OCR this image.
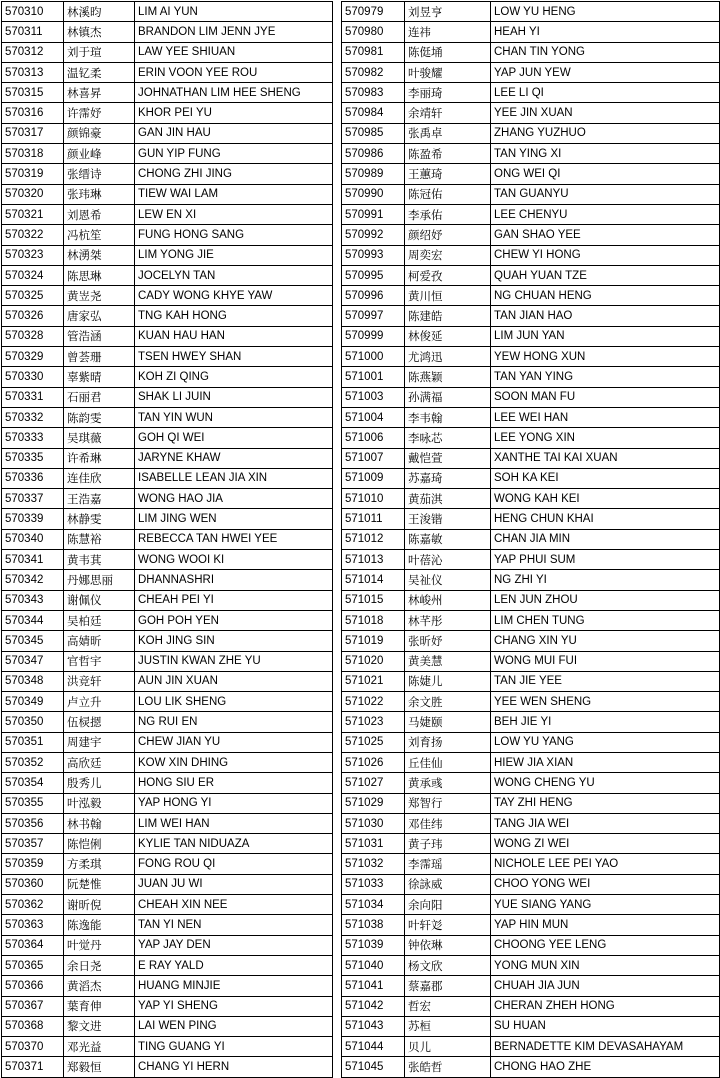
570310	林溪昀	LIM AI YUN
570311	林镇杰	BRANDON LIM JENN JYE
570312	刘于瑄	LAW YEE SHIUAN
570313	温钇柔	ERIN VOON YEE ROU
570315	林喜昇	JOHNATHAN LIM HEE SHENG
570316	许霈妤	KHOR PEI YU
570317	颜锦豪	GAN JIN HAU
570318	颜业峰	GUN YIP FUNG
570319	张缙诗	CHONG ZHI JING
570320	张玮琳	TIEW WAI LAM
570321	刘恩希	LEW EN XI
570322	冯杭笙	FUNG HONG SANG
570323	林湧桀	LIM YONG JIE
570324	陈思琳	JOCELYN TAN
570325	黄岦尧	CADY WONG KHYE YAW
570326	唐家弘	TNG KAH HONG
570328	管浩涵	KUAN HAU HAN
570329	曾荟珊	TSEN HWEY SHAN
570330	辜紫晴	KOH ZI QING
570331	石丽君	SHAK LI JUIN
570332	陈韵雯	TAN YIN WUN
570333	吴琪薇	GOH QI WEI
570335	许希琳	JARYNE KHAW
570336	连佳欣	ISABELLE LEAN JIA XIN
570337	王浩嘉	WONG HAO JIA
570339	林静雯	LIM JING WEN
570340	陈慧裕	REBECCA TAN HWEI YEE
570341	黄韦萁	WONG WOOI KI
570342	丹娜思丽	DHANNASHRI
570343	谢佩仪	CHEAH PEI YI
570344	吴柏廷	GOH POH YEN
570345	高婧昕	KOH JING SIN
570347	官哲宇	JUSTIN KWAN ZHE YU
570348	洪竞轩	AUN JIN XUAN
570349	卢立升	LOU LIK SHENG
570350	伍棂摁	NG RUI EN
570351	周建宇	CHEW JIAN YU
570352	高欣廷	KOW XIN DHING
570354	殷秀儿	HONG SIU ER
570355	叶泓毅	YAP HONG YI
570356	林书翰	LIM WEI HAN
570357	陈恺俐	KYLIE TAN NIDUAZA
570359	方柔琪	FONG ROU QI
570360	阮楚惟	JUAN JU WI
570362	谢昕倪	CHEAH XIN NEE
570363	陈逸能	TAN YI NEN
570364	叶觉丹	YAP JAY DEN
570365	余日尧	E RAY YALD
570366	黄滔杰	HUANG MINJIE
570367	葉育伸	YAP YI SHENG
570368	黎文进	LAI WEN PING
570370	邓光益	TING GUANG YI
570371	郑毅恒	CHANG YI HERN
570979	刘昱亨	LOW YU HENG
570980	连祎	HEAH YI
570981	陈侹埇	CHAN TIN YONG
570982	叶骏耀	YAP JUN YEW
570983	李丽琦	LEE LI QI
570984	余靖轩	YEE JIN XUAN
570985	张禹卓	ZHANG YUZHUO
570986	陈盈希	TAN YING XI
570989	王蕙琦	ONG WEI QI
570990	陈冠佑	TAN GUANYU
570991	李承佑	LEE CHENYU
570992	颜绍妤	GAN SHAO YEE
570993	周奕宏	CHEW YI HONG
570995	柯爱孜	QUAH YUAN TZE
570996	黄川恒	NG CHUAN HENG
570997	陈建皓	TAN JIAN HAO
570999	林俊延	LIM JUN YAN
571000	尤鸿迅	YEW HONG XUN
571001	陈燕颖	TAN YAN YING
571003	孙满福	SOON MAN FU
571004	李韦翰	LEE WEI HAN
571006	李咏芯	LEE YONG XIN
571007	戴恺萱	XANTHE TAI KAI XUAN
571009	苏嘉琦	SOH KA KEI
571010	黄茄淇	WONG KAH KEI
571011	王浚锴	HENG CHUN KHAI
571012	陈嘉敏	CHAN JIA MIN
571013	叶蓓沁	YAP PHUI SUM
571014	吴祉仪	NG ZHI YI
571015	林峻州	LEN JUN ZHOU
571018	林芊彤	LIM CHEN TUNG
571019	张昕妤	CHANG XIN YU
571020	黄美慧	WONG MUI FUI
571021	陈婕儿	TAN JIE YEE
571022	余文胜	YEE WEN SHENG
571023	马婕颐	BEH JIE YI
571025	刘育扬	LOW YU YANG
571026	丘佳仙	HIEW JIA XIAN
571027	黄承彧	WONG CHENG YU
571029	郑智行	TAY ZHI HENG
571030	邓佳纬	TANG JIA WEI
571031	黄子玮	WONG ZI WEI
571032	李霈瑶	NICHOLE LEE PEI YAO
571033	徐詠威	CHOO YONG WEI
571034	余向阳	YUE SIANG YANG
571038	叶轩彣	YAP HIN MUN
571039	钟依琳	CHOONG YEE LENG
571040	杨文欣	YONG MUN XIN
571041	蔡嘉郡	CHUAH JIA JUN
571042	哲宏	CHERAN ZHEH HONG
571043	苏桓	SU HUAN
571044	贝儿	BERNADETTE KIM DEVASAHAYAM
571045	张皓哲	CHONG HAO ZHE
